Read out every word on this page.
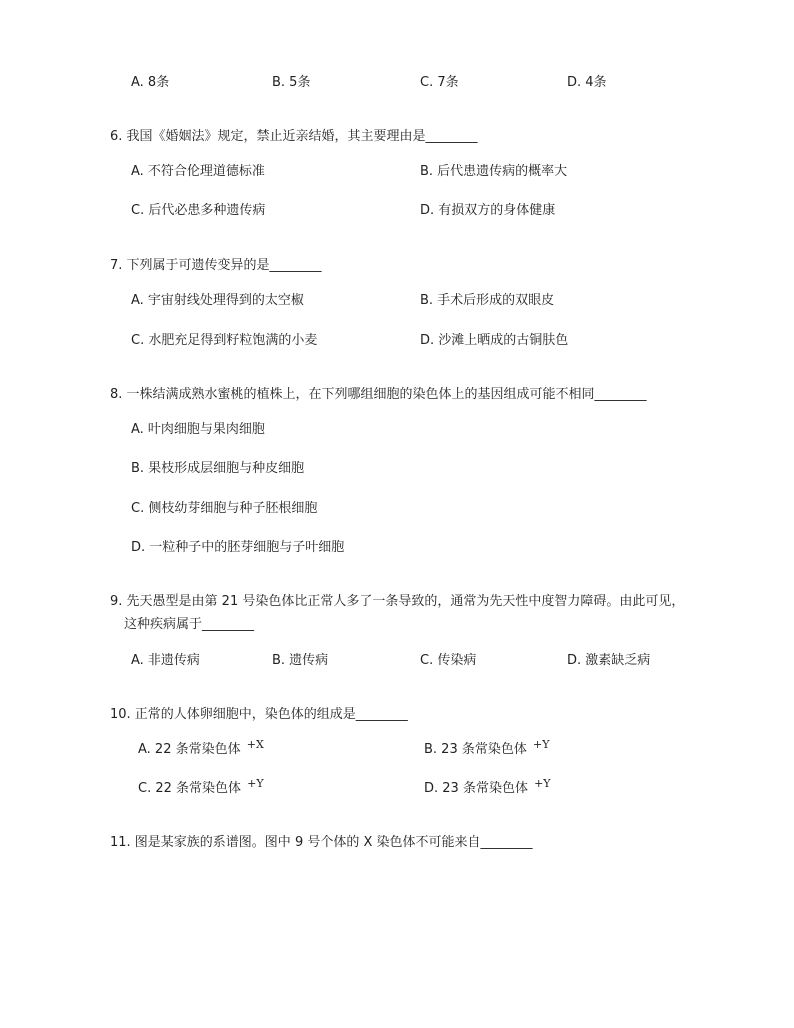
A. 8条	B. 5条	C. 7条	D. 4条
6. 我国《婚姻法》规定，禁止近亲结婚，其主要理由是________
A. 不符合伦理道德标准	B. 后代患遗传病的概率大
C. 后代必患多种遗传病	D. 有损双方的身体健康
7. 下列属于可遗传变异的是________
A. 宇宙射线处理得到的太空椒	B. 手术后形成的双眼皮
C. 水肥充足得到籽粒饱满的小麦	D. 沙滩上晒成的古铜肤色
8. 一株结满成熟水蜜桃的植株上，在下列哪组细胞的染色体上的基因组成可能不相同________
A. 叶肉细胞与果肉细胞
B. 果枝形成层细胞与种皮细胞
C. 侧枝幼芽细胞与种子胚根细胞
D. 一粒种子中的胚芽细胞与子叶细胞
9. 先天愚型是由第 21 号染色体比正常人多了一条导致的，通常为先天性中度智力障碍。由此可见，
这种疾病属于________
A. 非遗传病	B. 遗传病	C. 传染病	D. 激素缺乏病
10. 正常的人体卵细胞中，染色体的组成是________
A. 22 条常染色体 $^{+X}$	B. 23 条常染色体 $^{+Y}$
C. 22 条常染色体 $^{+Y}$	D. 23 条常染色体 $^{+Y}$
11. 图是某家族的系谱图。图中 9 号个体的 X 染色体不可能来自________
